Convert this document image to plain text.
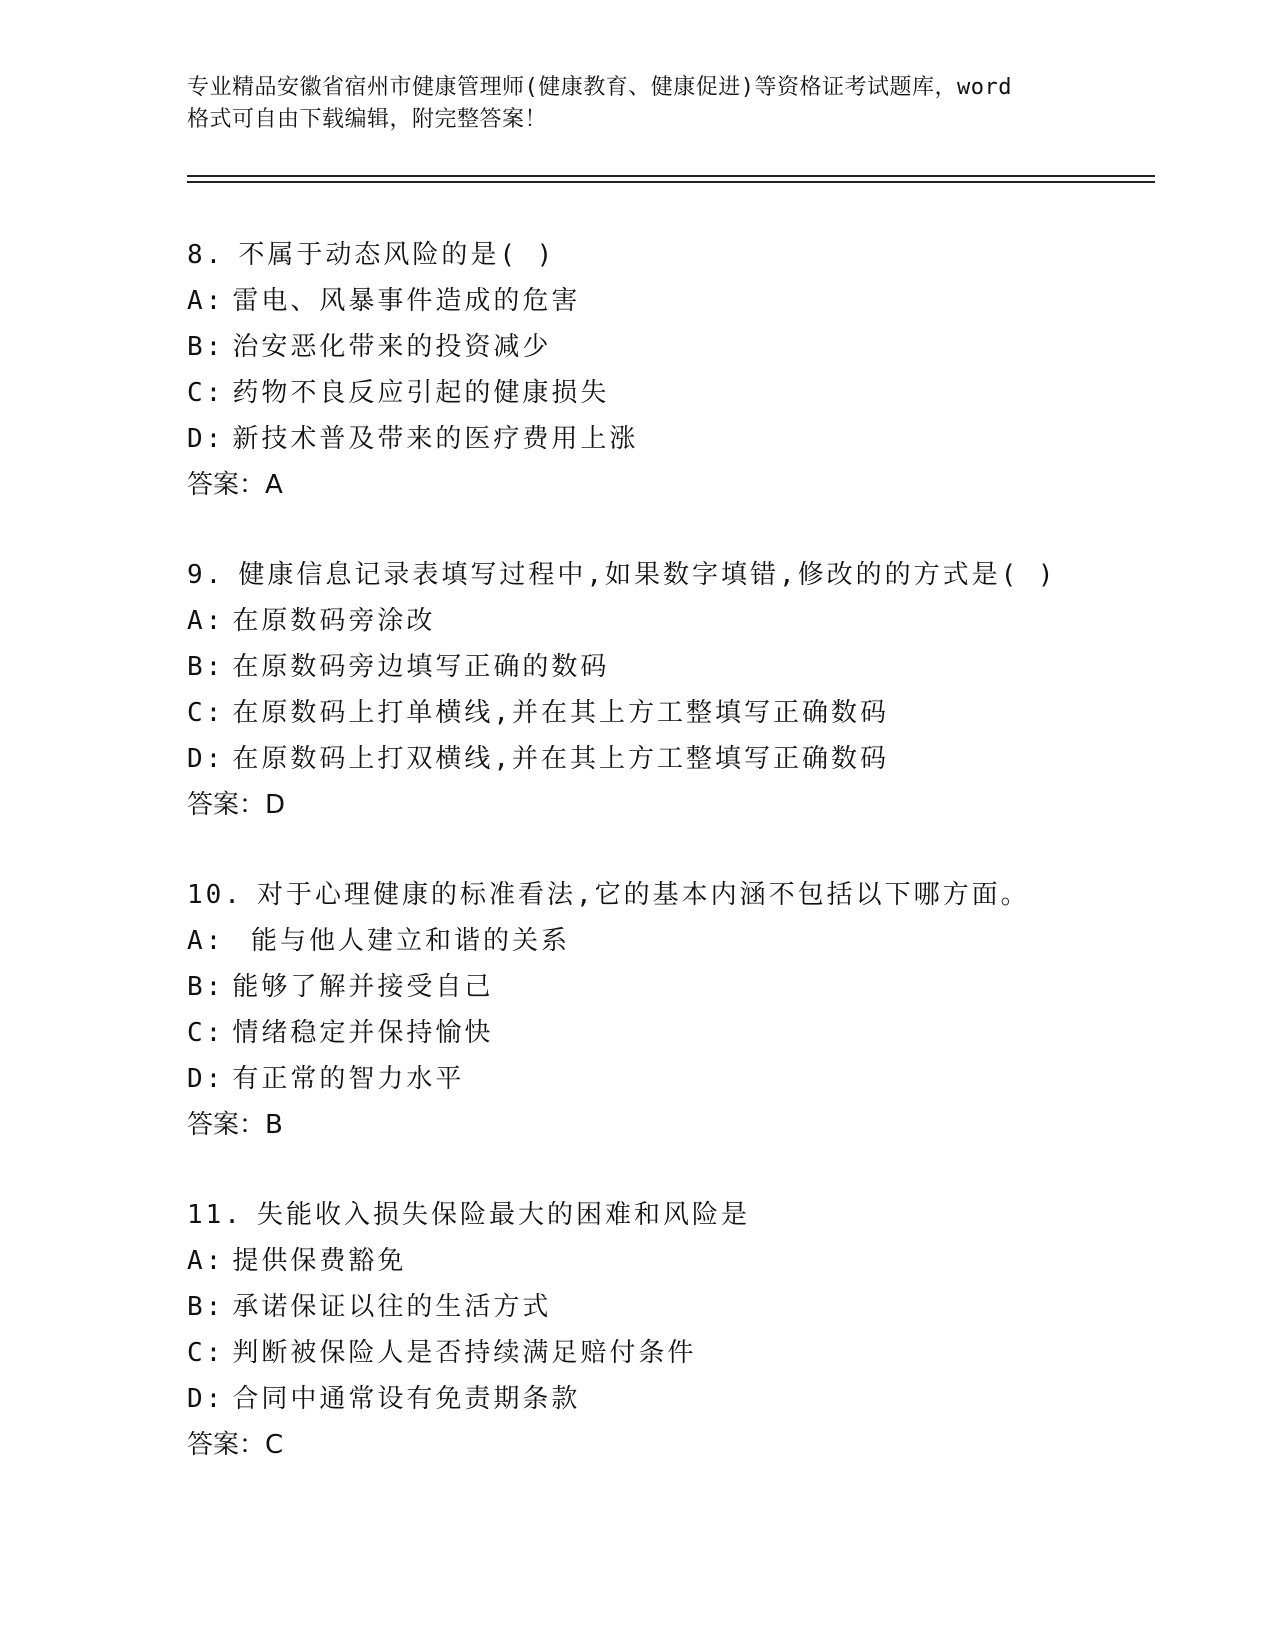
专业精品安徽省宿州市健康管理师(健康教育、健康促进)等资格证考试题库，word
格式可自由下载编辑，附完整答案！
8. 不属于动态风险的是( )
A: 雷电、风暴事件造成的危害
B: 治安恶化带来的投资减少
C: 药物不良反应引起的健康损失
D: 新技术普及带来的医疗费用上涨
答案：A
9. 健康信息记录表填写过程中,如果数字填错,修改的的方式是( )
A: 在原数码旁涂改
B: 在原数码旁边填写正确的数码
C: 在原数码上打单横线,并在其上方工整填写正确数码
D: 在原数码上打双横线,并在其上方工整填写正确数码
答案：D
10. 对于心理健康的标准看法,它的基本内涵不包括以下哪方面。
A: 能与他人建立和谐的关系
B: 能够了解并接受自己
C: 情绪稳定并保持愉快
D: 有正常的智力水平
答案：B
11. 失能收入损失保险最大的困难和风险是
A: 提供保费豁免
B: 承诺保证以往的生活方式
C: 判断被保险人是否持续满足赔付条件
D: 合同中通常设有免责期条款
答案：C
